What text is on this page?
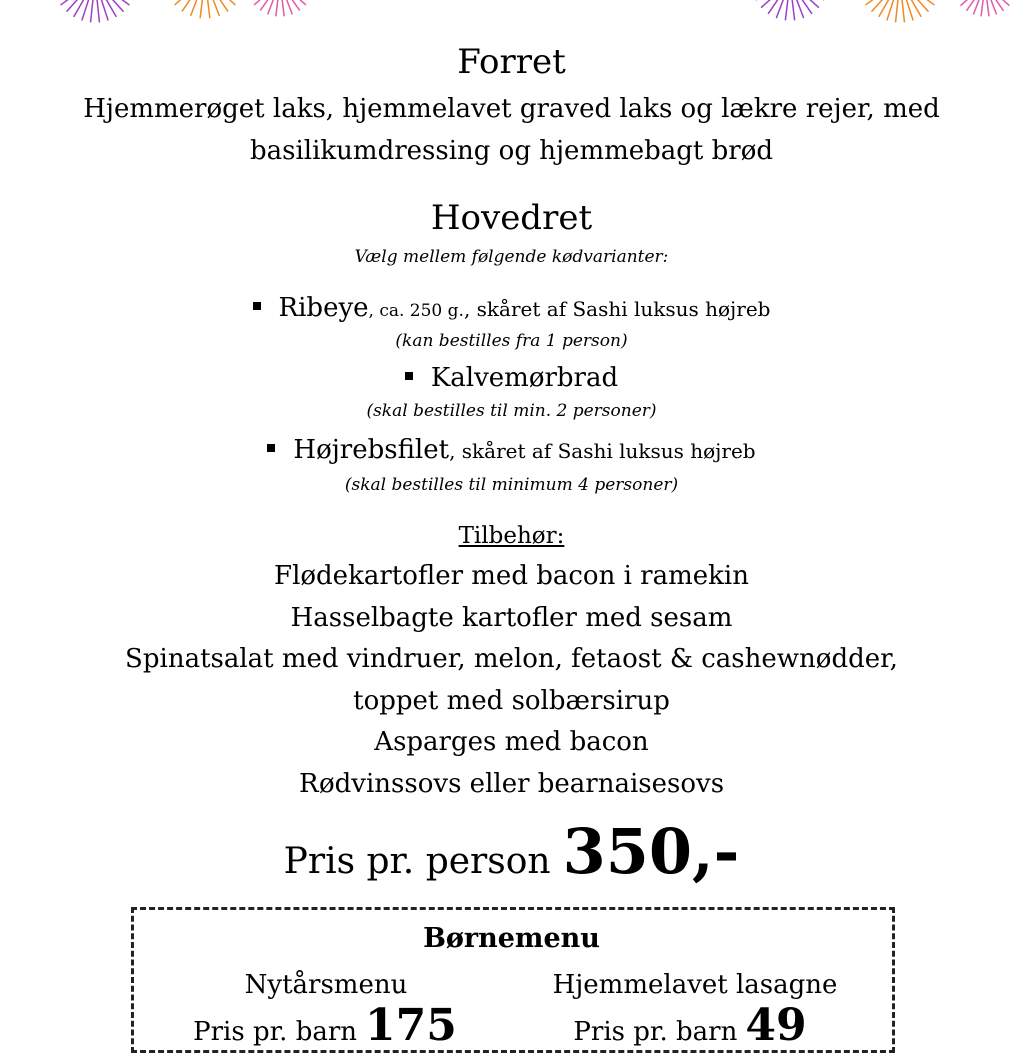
Forret
Hjemmerøget laks, hjemmelavet graved laks og lækre rejer, med
basilikumdressing og hjemmebagt brød
Hovedret
Vælg mellem følgende kødvarianter:
Ribeye, ca. 250 g., skåret af Sashi luksus højreb
(kan bestilles fra 1 person)
Kalvemørbrad
(skal bestilles til min. 2 personer)
Højrebsfilet, skåret af Sashi luksus højreb
(skal bestilles til minimum 4 personer)
Tilbehør:
Flødekartofler med bacon i ramekin
Hasselbagte kartofler med sesam
Spinatsalat med vindruer, melon, fetaost & cashewnødder,
toppet med solbærsirup
Asparges med bacon
Rødvinssovs eller bearnaisesovs
Pris pr. person 350,-
Børnemenu
Nytårsmenu	Hjemmelavet lasagne
Pris pr. barn 175	Pris pr. barn 49
